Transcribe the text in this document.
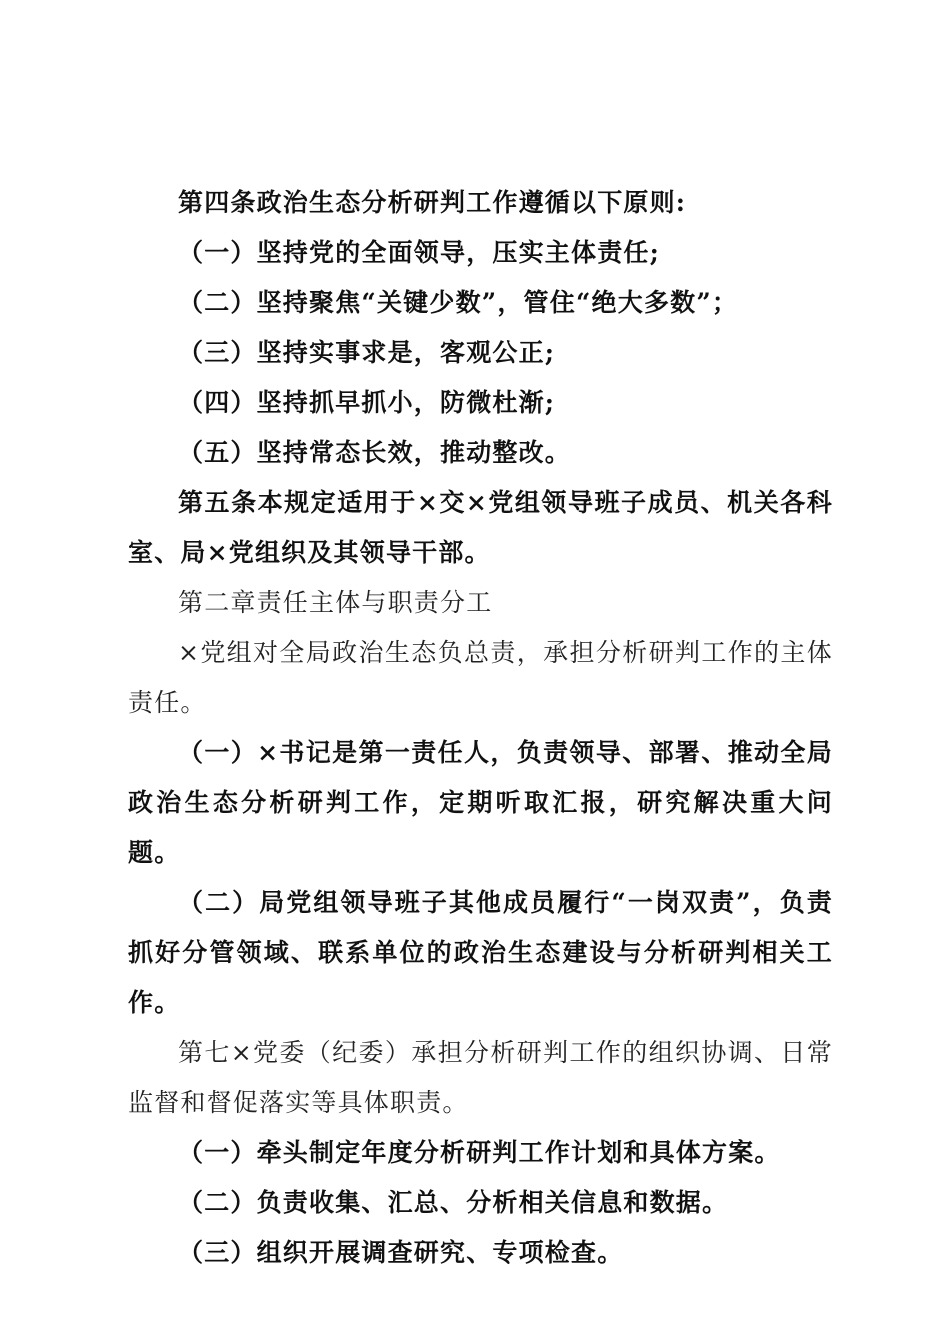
第四条政治生态分析研判工作遵循以下原则:

（一）坚持党的全面领导，压实主体责任;

（二）坚持聚焦“关键少数”，管住“绝大多数”；

（三）坚持实事求是，客观公正;

（四）坚持抓早抓小，防微杜渐;

（五）坚持常态长效，推动整改。

第五条本规定适用于×交×党组领导班子成员、机关各科室、局×党组织及其领导干部。

第二章责任主体与职责分工

×党组对全局政治生态负总责，承担分析研判工作的主体责任。

（一）×书记是第一责任人，负责领导、部署、推动全局政治生态分析研判工作，定期听取汇报，研究解决重大问题。

（二）局党组领导班子其他成员履行“一岗双责”，负责抓好分管领域、联系单位的政治生态建设与分析研判相关工作。

第七×党委（纪委）承担分析研判工作的组织协调、日常监督和督促落实等具体职责。

（一）牵头制定年度分析研判工作计划和具体方案。

（二）负责收集、汇总、分析相关信息和数据。

（三）组织开展调查研究、专项检查。
